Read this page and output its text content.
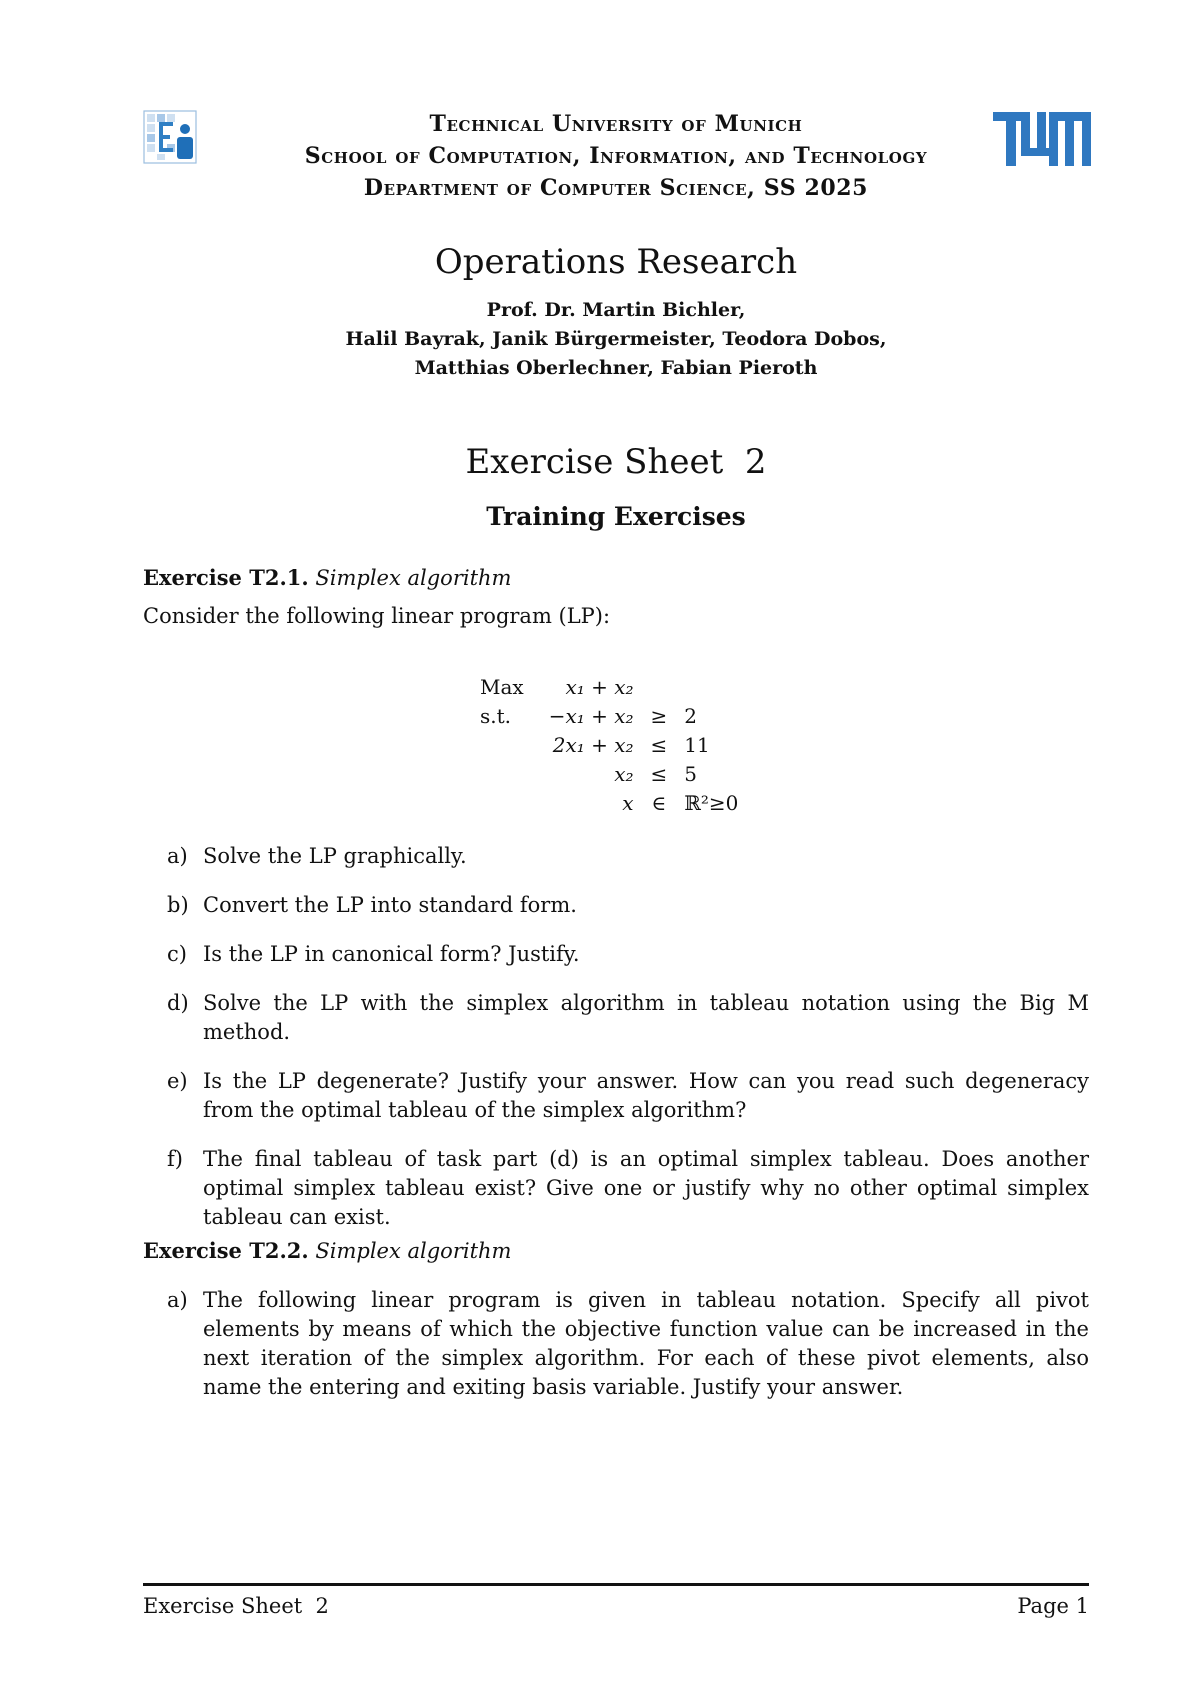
Technical University of Munich
School of Computation, Information, and Technology
Department of Computer Science, SS 2025
Operations Research
Prof. Dr. Martin Bichler,
Halil Bayrak, Janik Bürgermeister, Teodora Dobos,
Matthias Oberlechner, Fabian Pieroth
Exercise Sheet  2
Training Exercises
Exercise T2.1. Simplex algorithm
Consider the following linear program (LP):
Max	x₁ + x₂		
s.t.	−x₁ + x₂	≥	2
	2x₁ + x₂	≤	11
	x₂	≤	5
	x	∈	ℝ²≥0
a) Solve the LP graphically.
b) Convert the LP into standard form.
c) Is the LP in canonical form? Justify.
d) Solve the LP with the simplex algorithm in tableau notation using the Big M method.
e) Is the LP degenerate? Justify your answer. How can you read such degeneracy from the optimal tableau of the simplex algorithm?
f) The final tableau of task part (d) is an optimal simplex tableau. Does another optimal simplex tableau exist? Give one or justify why no other optimal simplex tableau can exist.
Exercise T2.2. Simplex algorithm
a) The following linear program is given in tableau notation. Specify all pivot elements by means of which the objective function value can be increased in the next iteration of the simplex algorithm. For each of these pivot elements, also name the entering and exiting basis variable. Justify your answer.
Exercise Sheet  2	Page 1
